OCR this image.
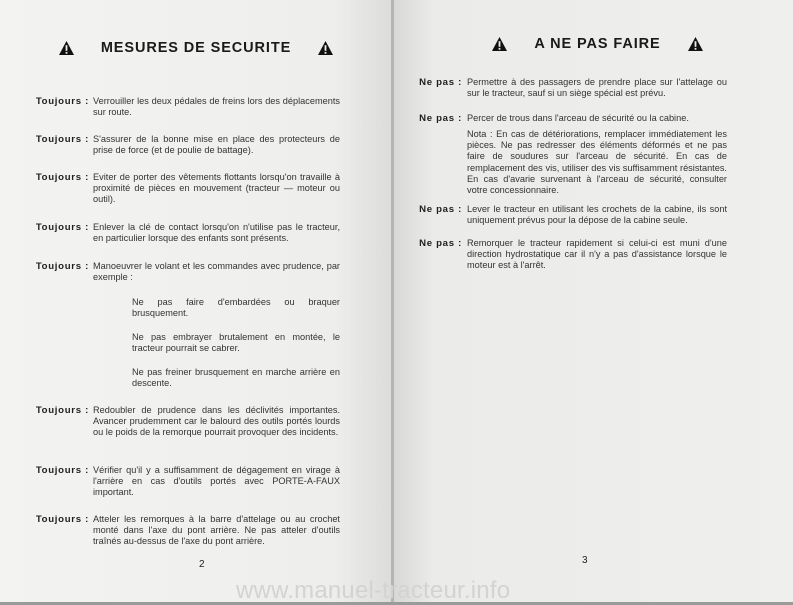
MESURES DE SECURITE
Toujours : Verrouiller les deux pédales de freins lors des déplacements sur route.
Toujours : S'assurer de la bonne mise en place des protecteurs de prise de force (et de poulie de battage).
Toujours : Eviter de porter des vêtements flottants lorsqu'on travaille à proximité de pièces en mouvement (tracteur — moteur ou outil).
Toujours : Enlever la clé de contact lorsqu'on n'utilise pas le tracteur, en particulier lorsque des enfants sont présents.
Toujours : Manoeuvrer le volant et les commandes avec prudence, par exemple :
Ne pas faire d'embardées ou braquer brusquement.
Ne pas embrayer brutalement en montée, le tracteur pourrait se cabrer.
Ne pas freiner brusquement en marche arrière en descente.
Toujours : Redoubler de prudence dans les déclivités importantes. Avancer prudemment car le balourd des outils portés lourds ou le poids de la remorque pourrait provoquer des incidents.
Toujours : Vérifier qu'il y a suffisamment de dégagement en virage à l'arrière en cas d'outils portés avec PORTE-A-FAUX important.
Toujours : Atteler les remorques à la barre d'attelage ou au crochet monté dans l'axe du pont arrière. Ne pas atteler d'outils traînés au-dessus de l'axe du pont arrière.
2
A NE PAS FAIRE
Ne pas : Permettre à des passagers de prendre place sur l'attelage ou sur le tracteur, sauf si un siège spécial est prévu.
Ne pas : Percer de trous dans l'arceau de sécurité ou la cabine.
Nota : En cas de détériorations, remplacer immédiatement les pièces. Ne pas redresser des éléments déformés et ne pas faire de soudures sur l'arceau de sécurité. En cas de remplacement des vis, utiliser des vis suffisamment résistantes. En cas d'avarie survenant à l'arceau de sécurité, consulter votre concessionnaire.
Ne pas : Lever le tracteur en utilisant les crochets de la cabine, ils sont uniquement prévus pour la dépose de la cabine seule.
Ne pas : Remorquer le tracteur rapidement si celui-ci est muni d'une direction hydrostatique car il n'y a pas d'assistance lorsque le moteur est à l'arrêt.
3
www.manuel-tracteur.info
